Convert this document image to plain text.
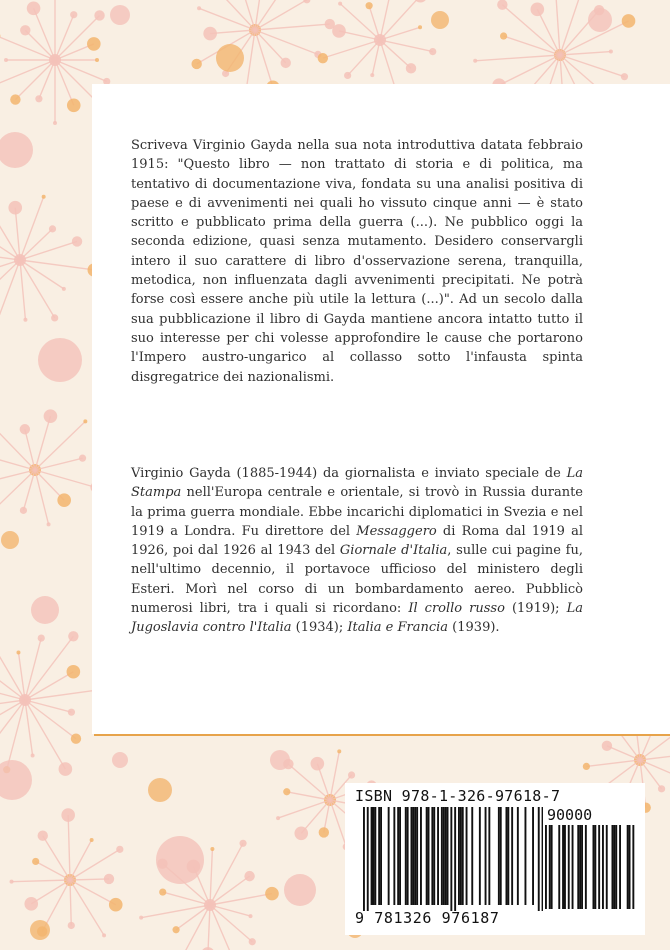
Scriveva Virginio Gayda nella sua nota introduttiva datata febbraio 1915: "Questo libro — non trattato di storia e di politica, ma tentativo di documentazione viva, fondata su una analisi positiva di paese e di avvenimenti nei quali ho vissuto cinque anni — è stato scritto e pubblicato prima della guerra (...). Ne pubblico oggi la seconda edizione, quasi senza mutamento. Desidero conservargli intero il suo carattere di libro d'osservazione serena, tranquilla, metodica, non influenzata dagli avvenimenti precipitati. Ne potrà forse così essere anche più utile la lettura (...)". Ad un secolo dalla sua pubblicazione il libro di Gayda mantiene ancora intatto tutto il suo interesse per chi volesse approfondire le cause che portarono l'Impero austro-ungarico al collasso sotto l'infausta spinta disgregatrice dei nazionalismi.

Virginio Gayda (1885-1944) da giornalista e inviato speciale de La Stampa nell'Europa centrale e orientale, si trovò in Russia durante la prima guerra mondiale. Ebbe incarichi diplomatici in Svezia e nel 1919 a Londra. Fu direttore del Messaggero di Roma dal 1919 al 1926, poi dal 1926 al 1943 del Giornale d'Italia, sulle cui pagine fu, nell'ultimo decennio, il portavoce ufficioso del ministero degli Esteri. Morì nel corso di un bombardamento aereo. Pubblicò numerosi libri, tra i quali si ricordano: Il crollo russo (1919); La Jugoslavia contro l'Italia (1934); Italia e Francia (1939).

ISBN 978-1-326-97618-7
90000
9 781326 976187
